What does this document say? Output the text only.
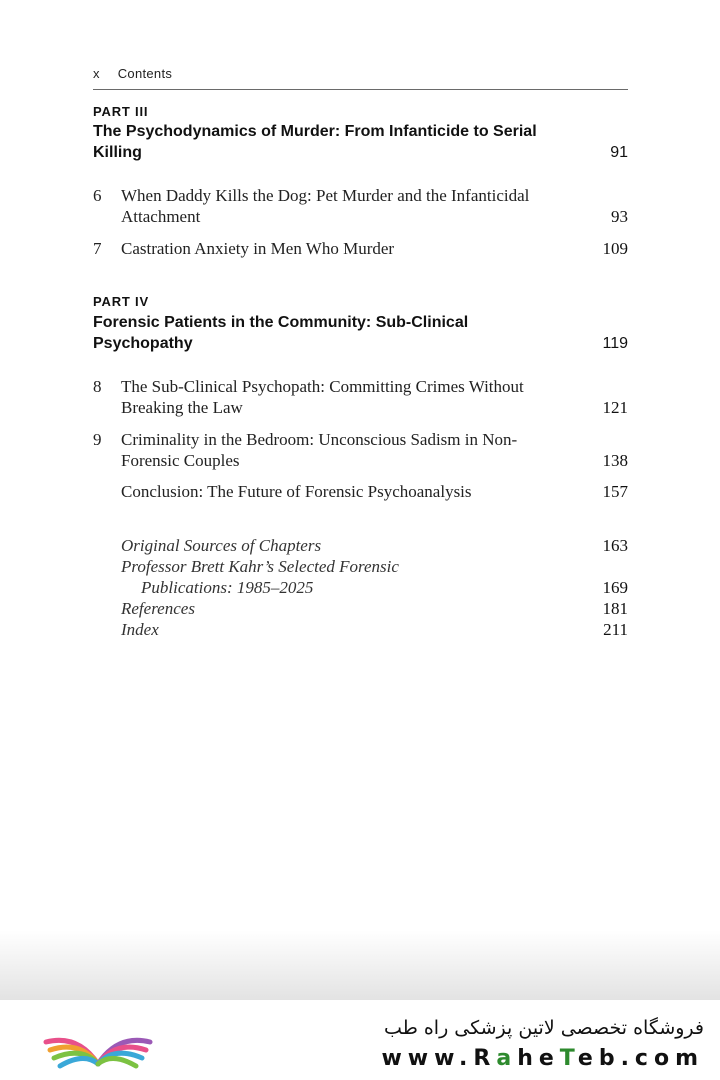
x Contents
PART III
The Psychodynamics of Murder: From Infanticide to Serial Killing	91
6 When Daddy Kills the Dog: Pet Murder and the Infanticidal Attachment	93
7 Castration Anxiety in Men Who Murder	109
PART IV
Forensic Patients in the Community: Sub-Clinical Psychopathy	119
8 The Sub-Clinical Psychopath: Committing Crimes Without Breaking the Law	121
9 Criminality in the Bedroom: Unconscious Sadism in Non-Forensic Couples	138
Conclusion: The Future of Forensic Psychoanalysis	157
Original Sources of Chapters	163
Professor Brett Kahr’s Selected Forensic
Publications: 1985–2025	169
References	181
Index	211
فروشگاه تخصصی لاتین پزشکی راه طب
www.RaheTeb.com
